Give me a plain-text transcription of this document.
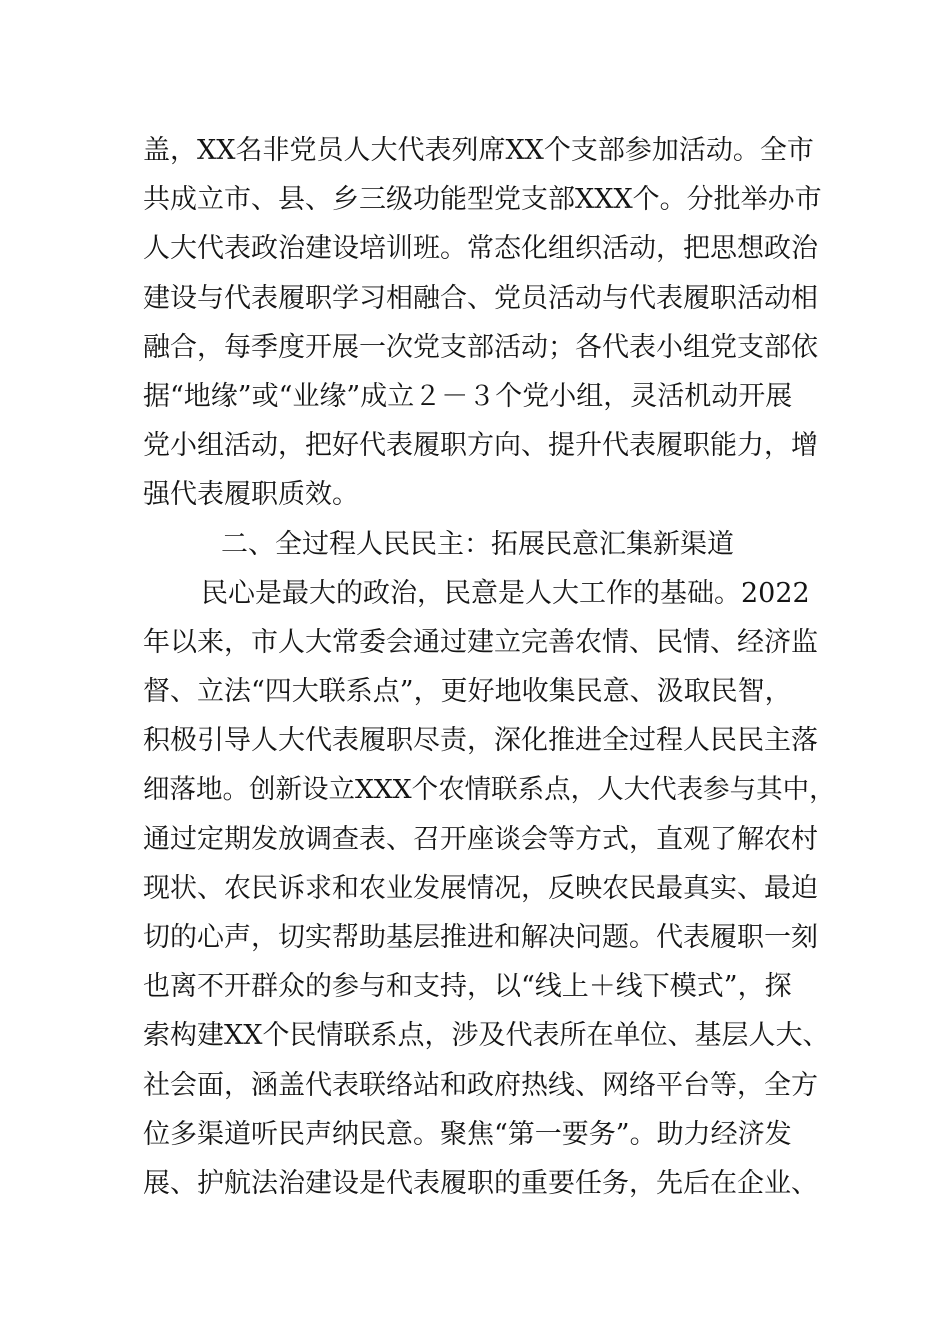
盖，XX名非党员人大代表列席XX个支部参加活动。全市
共成立市、县、乡三级功能型党支部XXX个。分批举办市
人大代表政治建设培训班。常态化组织活动，把思想政治
建设与代表履职学习相融合、党员活动与代表履职活动相
融合，每季度开展一次党支部活动；各代表小组党支部依
据“地缘”或“业缘”成立２－３个党小组，灵活机动开展
党小组活动，把好代表履职方向、提升代表履职能力，增
强代表履职质效。
二、全过程人民民主：拓展民意汇集新渠道
民心是最大的政治，民意是人大工作的基础。2022
年以来，市人大常委会通过建立完善农情、民情、经济监
督、立法“四大联系点”，更好地收集民意、汲取民智，
积极引导人大代表履职尽责，深化推进全过程人民民主落
细落地。创新设立XXX个农情联系点，人大代表参与其中，
通过定期发放调查表、召开座谈会等方式，直观了解农村
现状、农民诉求和农业发展情况，反映农民最真实、最迫
切的心声，切实帮助基层推进和解决问题。代表履职一刻
也离不开群众的参与和支持，以“线上＋线下模式”，探
索构建XX个民情联系点，涉及代表所在单位、基层人大、
社会面，涵盖代表联络站和政府热线、网络平台等，全方
位多渠道听民声纳民意。聚焦“第一要务”。助力经济发
展、护航法治建设是代表履职的重要任务，先后在企业、
